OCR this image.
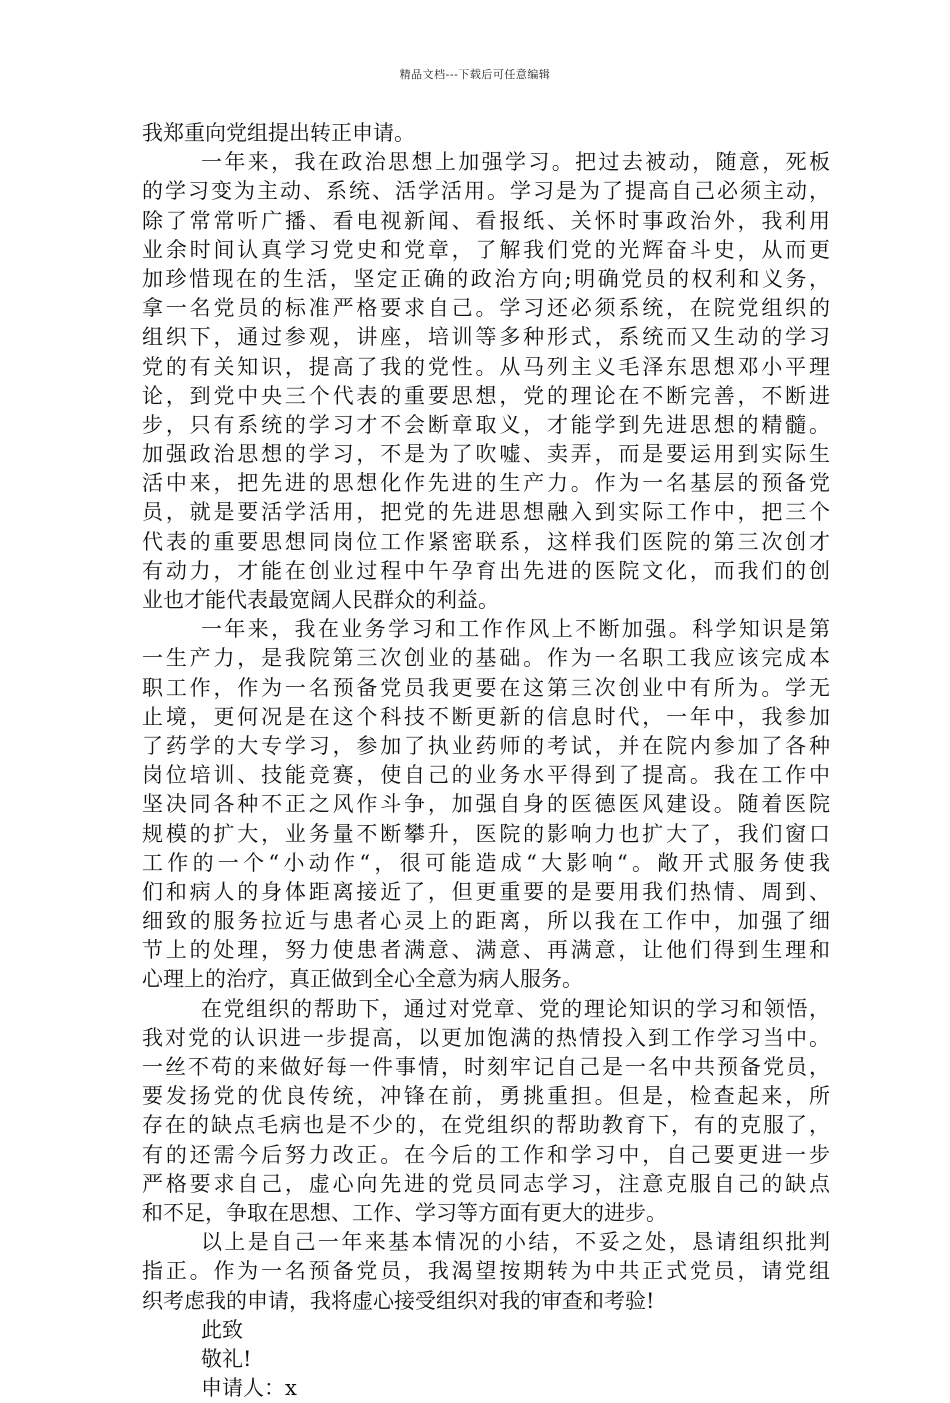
精品文档---下载后可任意编辑
我郑重向党组提出转正申请。
一年来，我在政治思想上加强学习。把过去被动，随意，死板
的学习变为主动、系统、活学活用。学习是为了提高自己必须主动，
除了常常听广播、看电视新闻、看报纸、关怀时事政治外，我利用
业余时间认真学习党史和党章，了解我们党的光辉奋斗史，从而更
加珍惜现在的生活，坚定正确的政治方向;明确党员的权利和义务，
拿一名党员的标准严格要求自己。学习还必须系统，在院党组织的
组织下，通过参观，讲座，培训等多种形式，系统而又生动的学习
党的有关知识，提高了我的党性。从马列主义毛泽东思想邓小平理
论，到党中央三个代表的重要思想，党的理论在不断完善，不断进
步，只有系统的学习才不会断章取义，才能学到先进思想的精髓。
加强政治思想的学习，不是为了吹嘘、卖弄，而是要运用到实际生
活中来，把先进的思想化作先进的生产力。作为一名基层的预备党
员，就是要活学活用，把党的先进思想融入到实际工作中，把三个
代表的重要思想同岗位工作紧密联系，这样我们医院的第三次创才
有动力，才能在创业过程中午孕育出先进的医院文化，而我们的创
业也才能代表最宽阔人民群众的利益。
一年来，我在业务学习和工作作风上不断加强。科学知识是第
一生产力，是我院第三次创业的基础。作为一名职工我应该完成本
职工作，作为一名预备党员我更要在这第三次创业中有所为。学无
止境，更何况是在这个科技不断更新的信息时代，一年中，我参加
了药学的大专学习，参加了执业药师的考试，并在院内参加了各种
岗位培训、技能竞赛，使自己的业务水平得到了提高。我在工作中
坚决同各种不正之风作斗争，加强自身的医德医风建设。随着医院
规模的扩大，业务量不断攀升，医院的影响力也扩大了，我们窗口
工作的一个“小动作“，很可能造成“大影响“。敞开式服务使我
们和病人的身体距离接近了，但更重要的是要用我们热情、周到、
细致的服务拉近与患者心灵上的距离，所以我在工作中，加强了细
节上的处理，努力使患者满意、满意、再满意，让他们得到生理和
心理上的治疗，真正做到全心全意为病人服务。
在党组织的帮助下，通过对党章、党的理论知识的学习和领悟，
我对党的认识进一步提高，以更加饱满的热情投入到工作学习当中。
一丝不苟的来做好每一件事情，时刻牢记自己是一名中共预备党员，
要发扬党的优良传统，冲锋在前，勇挑重担。但是，检查起来，所
存在的缺点毛病也是不少的，在党组织的帮助教育下，有的克服了，
有的还需今后努力改正。在今后的工作和学习中，自己要更进一步
严格要求自己，虚心向先进的党员同志学习，注意克服自己的缺点
和不足，争取在思想、工作、学习等方面有更大的进步。
以上是自己一年来基本情况的小结，不妥之处，恳请组织批判
指正。作为一名预备党员，我渴望按期转为中共正式党员，请党组
织考虑我的申请，我将虚心接受组织对我的审查和考验!
此致
敬礼!
申请人：x
